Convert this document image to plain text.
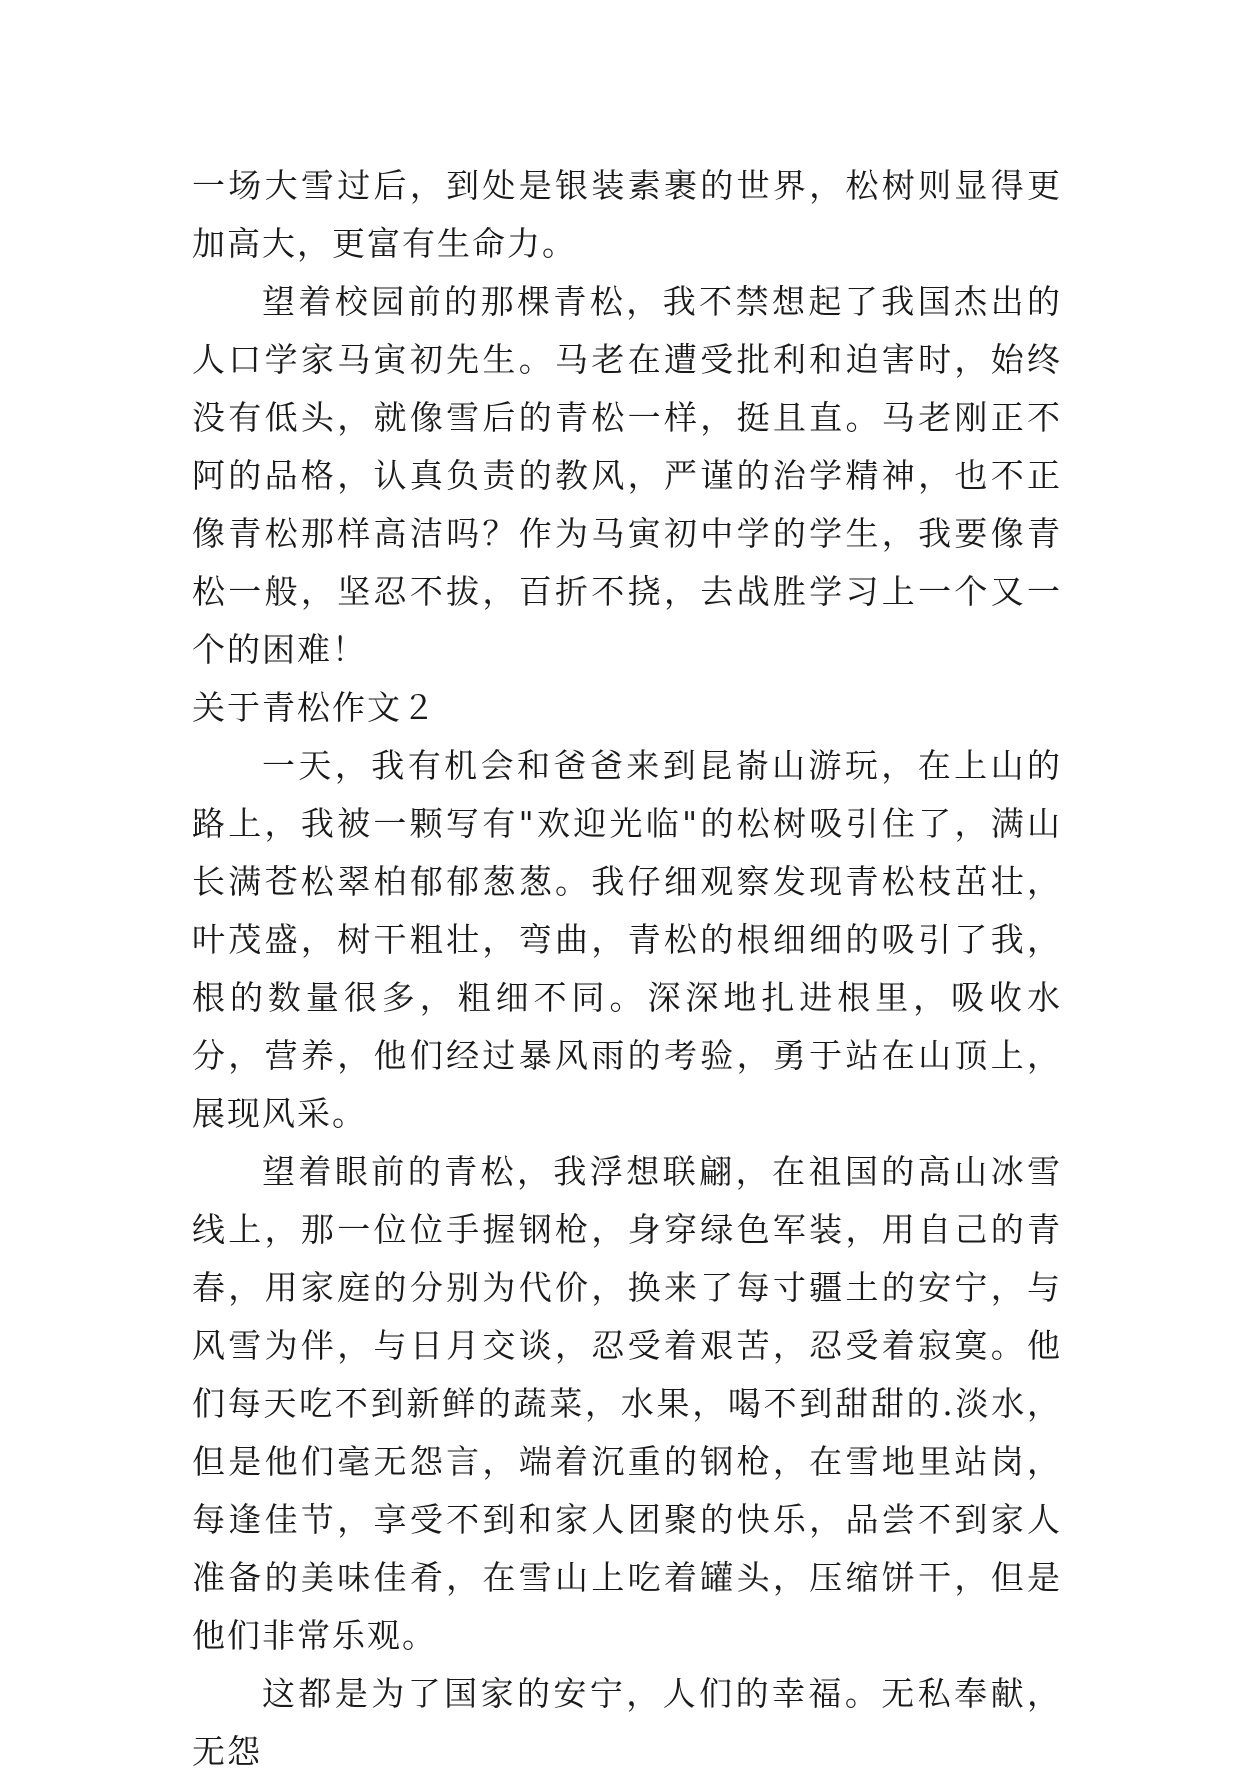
一场大雪过后，到处是银装素裹的世界，松树则显得更加高大，更富有生命力。

望着校园前的那棵青松，我不禁想起了我国杰出的人口学家马寅初先生。马老在遭受批利和迫害时，始终没有低头，就像雪后的青松一样，挺且直。马老刚正不阿的品格，认真负责的教风，严谨的治学精神，也不正像青松那样高洁吗？作为马寅初中学的学生，我要像青松一般，坚忍不拔，百折不挠，去战胜学习上一个又一个的困难！

关于青松作文２

一天，我有机会和爸爸来到昆嵛山游玩，在上山的路上，我被一颗写有"欢迎光临"的松树吸引住了，满山长满苍松翠柏郁郁葱葱。我仔细观察发现青松枝茁壮，叶茂盛，树干粗壮，弯曲，青松的根细细的吸引了我，根的数量很多，粗细不同。深深地扎进根里，吸收水分，营养，他们经过暴风雨的考验，勇于站在山顶上，展现风采。

望着眼前的青松，我浮想联翩，在祖国的高山冰雪线上，那一位位手握钢枪，身穿绿色军装，用自己的青春，用家庭的分别为代价，换来了每寸疆土的安宁，与风雪为伴，与日月交谈，忍受着艰苦，忍受着寂寞。他们每天吃不到新鲜的蔬菜，水果，喝不到甜甜的.淡水，但是他们毫无怨言，端着沉重的钢枪，在雪地里站岗，每逢佳节，享受不到和家人团聚的快乐，品尝不到家人准备的美味佳肴，在雪山上吃着罐头，压缩饼干，但是他们非常乐观。

这都是为了国家的安宁，人们的幸福。无私奉献，无怨
